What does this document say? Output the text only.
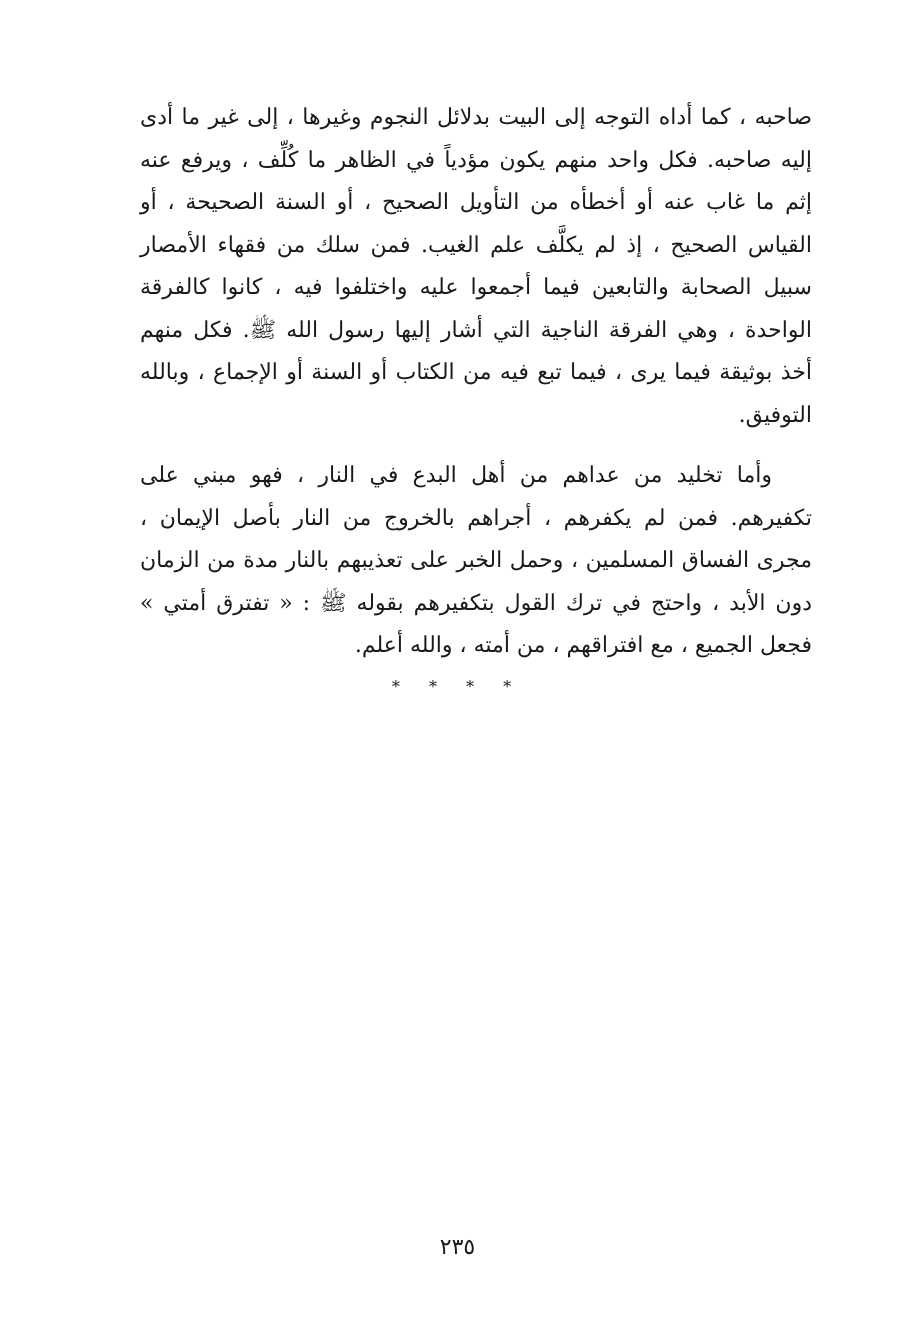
صاحبه ، كما أداه التوجه إلى البيت بدلائل النجوم وغيرها ، إلى غير ما أدى إليه صاحبه. فكل واحد منهم يكون مؤدياً في الظاهر ما كُلِّف ، ويرفع عنه إثم ما غاب عنه أو أخطأه من التأويل الصحيح ، أو السنة الصحيحة ، أو القياس الصحيح ، إذ لم يكلَّف علم الغيب. فمن سلك من فقهاء الأمصار سبيل الصحابة والتابعين فيما أجمعوا عليه واختلفوا فيه ، كانوا كالفرقة الواحدة ، وهي الفرقة الناجية التي أشار إليها رسول الله ﷺ. فكل منهم أخذ بوثيقة فيما يرى ، فيما تبع فيه من الكتاب أو السنة أو الإجماع ، وبالله التوفيق.

وأما تخليد من عداهم من أهل البدع في النار ، فهو مبني على تكفيرهم. فمن لم يكفرهم ، أجراهم بالخروج من النار بأصل الإيمان ، مجرى الفساق المسلمين ، وحمل الخبر على تعذيبهم بالنار مدة من الزمان دون الأبد ، واحتج في ترك القول بتكفيرهم بقوله ﷺ : « تفترق أمتي » فجعل الجميع ، مع افتراقهم ، من أمته ، والله أعلم.

* * * *
٢٣٥
